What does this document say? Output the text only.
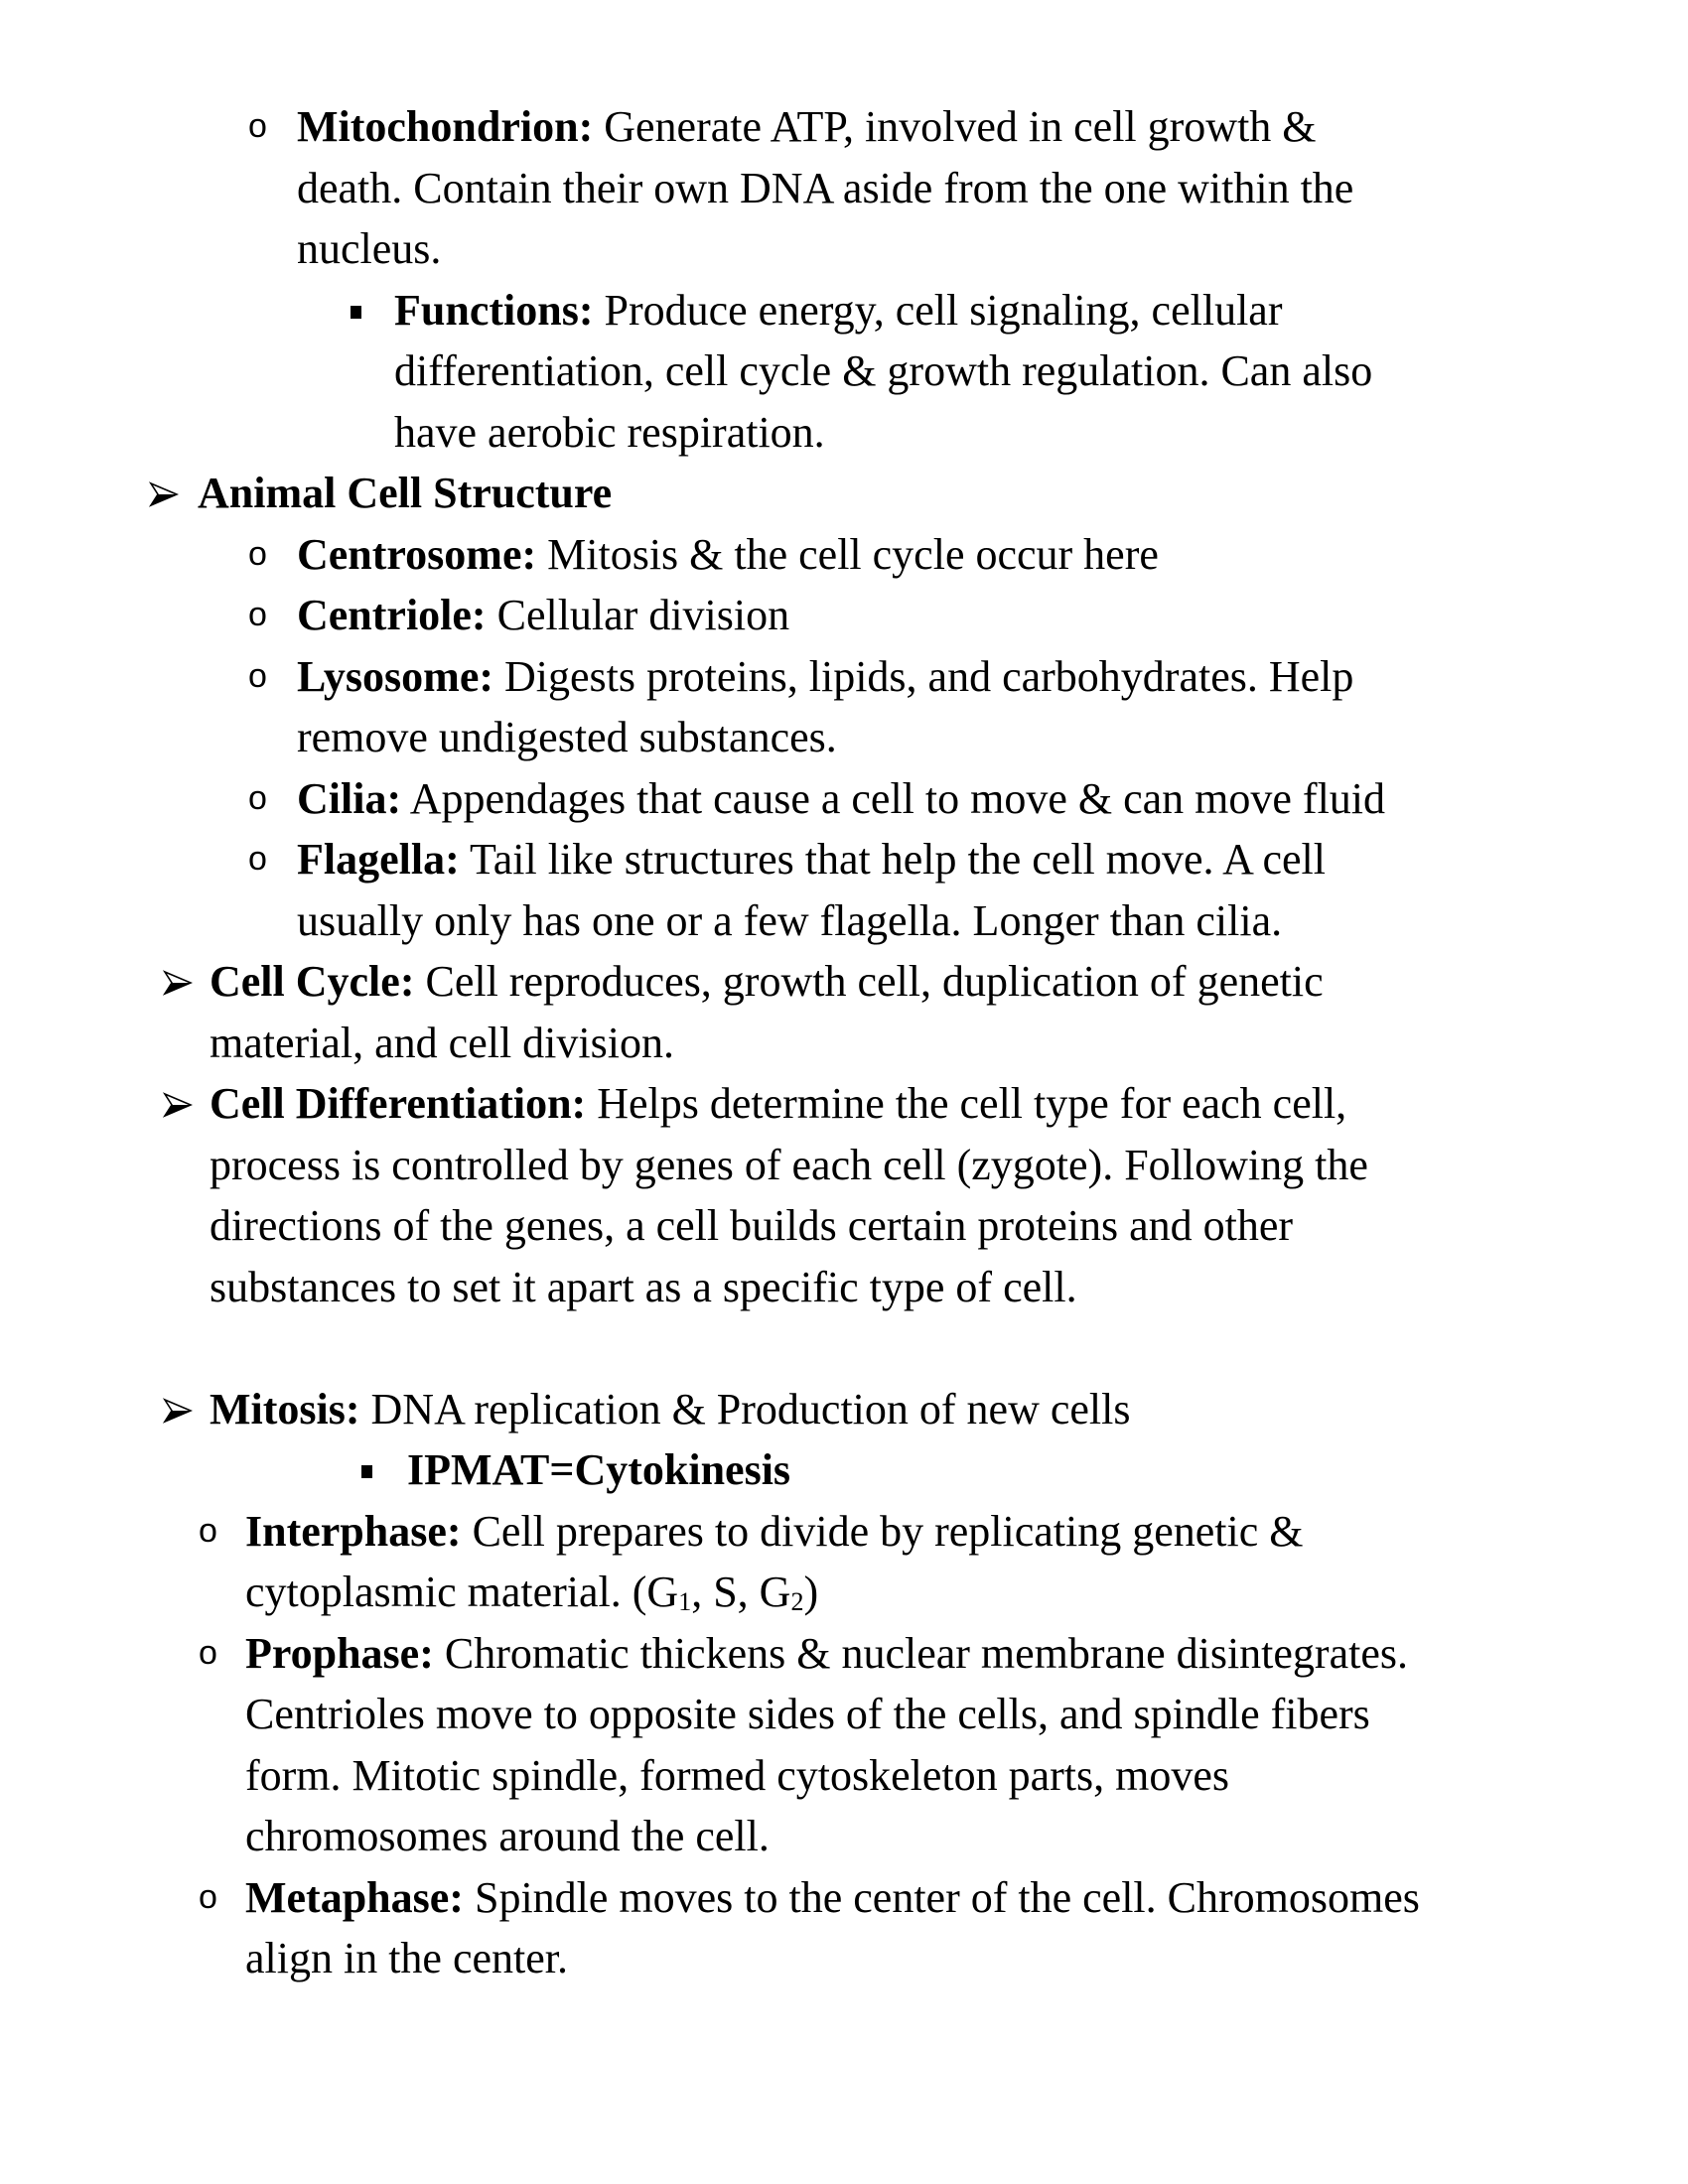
o Mitochondrion: Generate ATP, involved in cell growth &
death. Contain their own DNA aside from the one within the
nucleus.
Functions: Produce energy, cell signaling, cellular
differentiation, cell cycle & growth regulation. Can also
have aerobic respiration.
Animal Cell Structure
o Centrosome: Mitosis & the cell cycle occur here
o Centriole: Cellular division
o Lysosome: Digests proteins, lipids, and carbohydrates. Help
remove undigested substances.
o Cilia: Appendages that cause a cell to move & can move fluid
o Flagella: Tail like structures that help the cell move. A cell
usually only has one or a few flagella. Longer than cilia.
Cell Cycle: Cell reproduces, growth cell, duplication of genetic
material, and cell division.
Cell Differentiation: Helps determine the cell type for each cell,
process is controlled by genes of each cell (zygote). Following the
directions of the genes, a cell builds certain proteins and other
substances to set it apart as a specific type of cell.
Mitosis: DNA replication & Production of new cells
IPMAT=Cytokinesis
o Interphase: Cell prepares to divide by replicating genetic &
cytoplasmic material. ($G_1$, S, $G_2$)
o Prophase: Chromatic thickens & nuclear membrane disintegrates.
Centrioles move to opposite sides of the cells, and spindle fibers
form. Mitotic spindle, formed cytoskeleton parts, moves
chromosomes around the cell.
o Metaphase: Spindle moves to the center of the cell. Chromosomes
align in the center.
